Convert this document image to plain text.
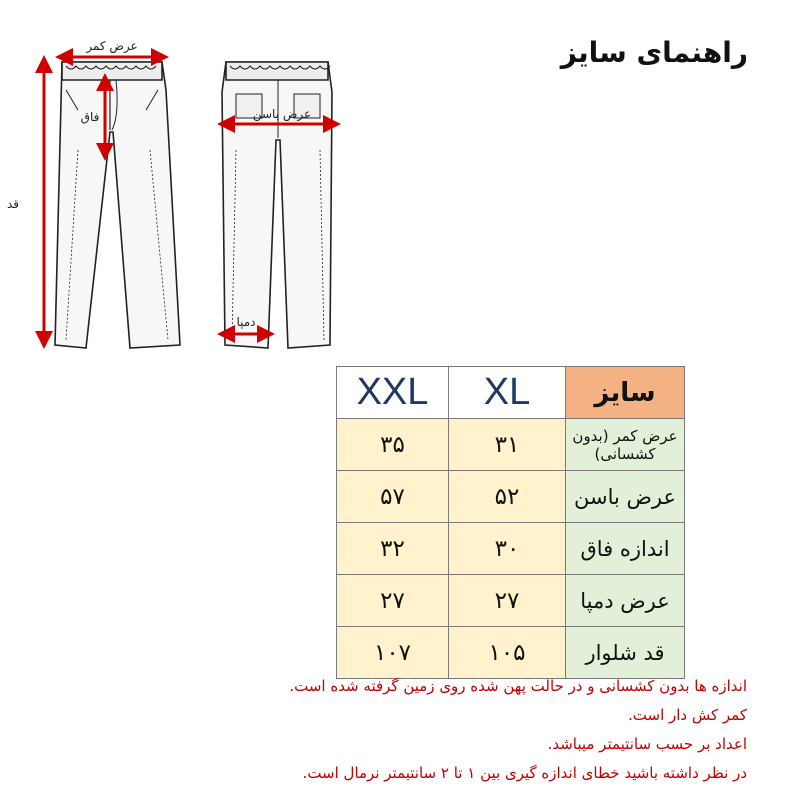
راهنمای سایز
عرض کمر
فاق
قد
عرض باسن
دمپا
XXL	XL	سایز
۳۵	۳۱	عرض کمر (بدون کشسانی)
۵۷	۵۲	عرض باسن
۳۲	۳۰	اندازه فاق
۲۷	۲۷	عرض دمپا
۱۰۷	۱۰۵	قد شلوار
اندازه ها بدون کشسانی و در حالت پهن شده روی زمین گرفته شده است.
کمر کش دار است.
اعداد بر حسب سانتیمتر میباشد.
در نظر داشته باشید خطای اندازه گیری بین ۱ تا ۲ سانتیمتر نرمال است.
